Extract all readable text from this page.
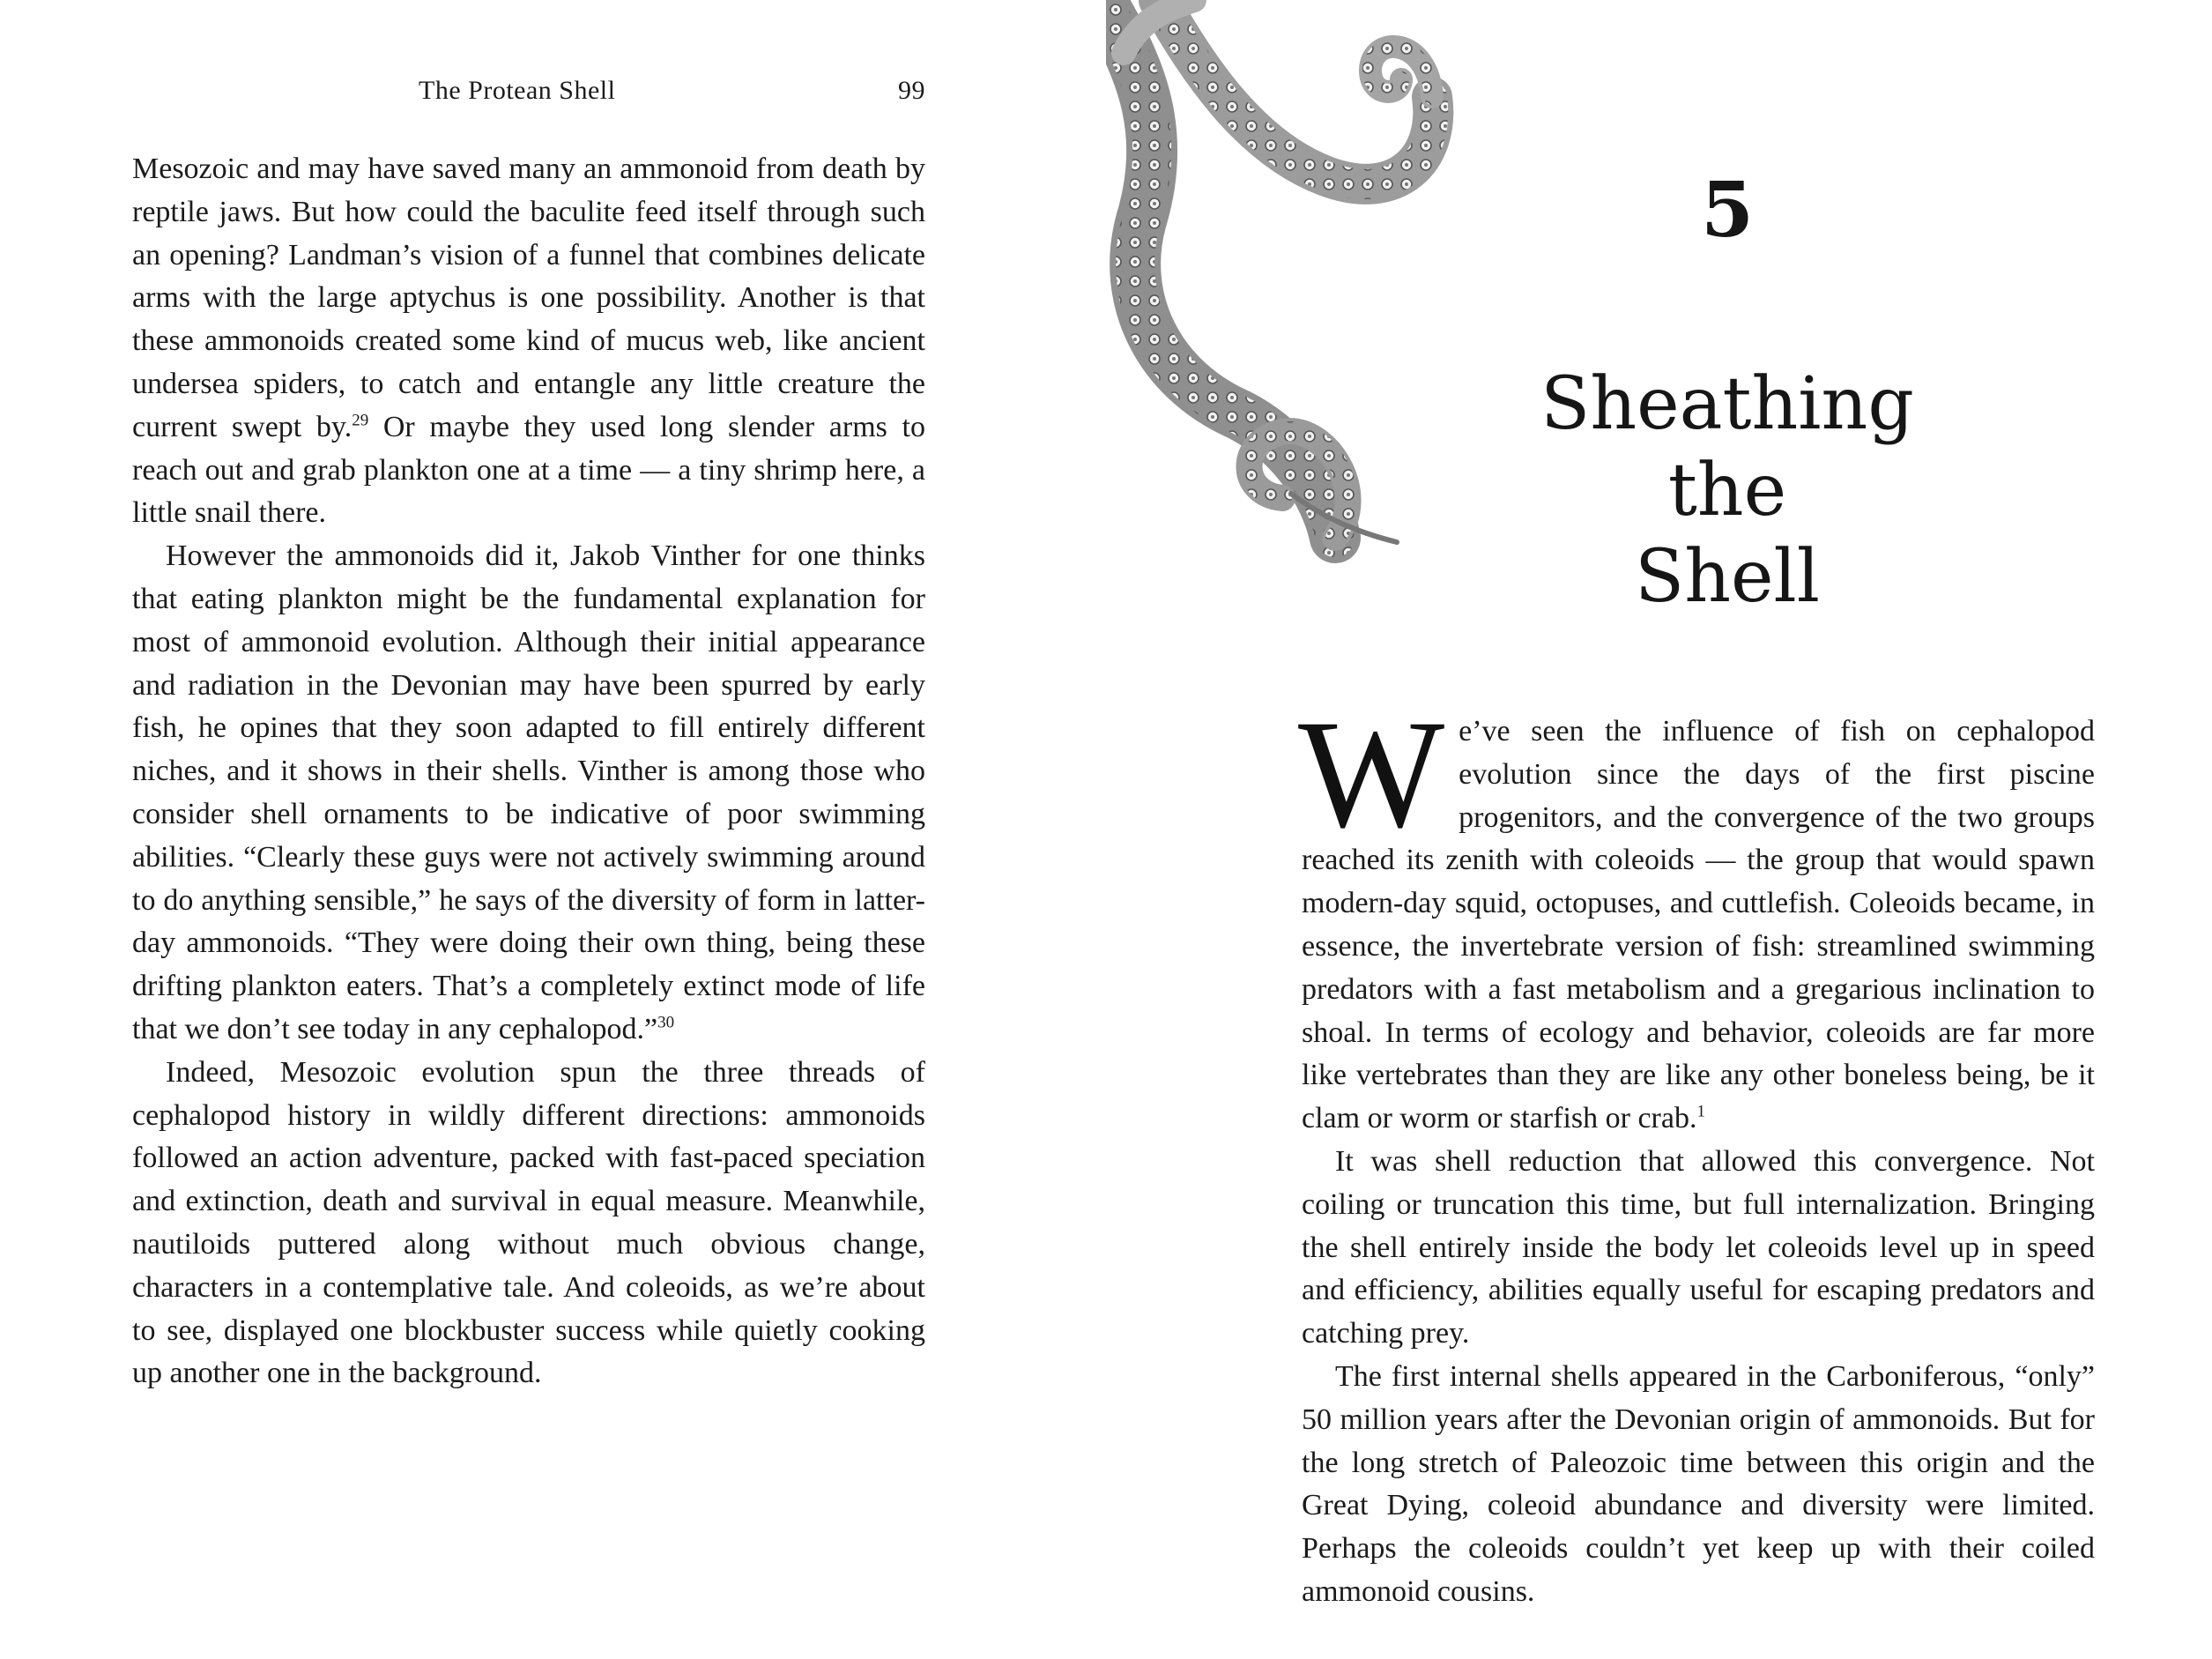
The Protean Shell	99

Mesozoic and may have saved many an ammonoid from death by reptile jaws. But how could the baculite feed itself through such an opening? Landman’s vision of a funnel that combines delicate arms with the large aptychus is one possibility. Another is that these ammonoids created some kind of mucus web, like ancient undersea spiders, to catch and entangle any little creature the current swept by.$^{29}$ Or maybe they used long slender arms to reach out and grab plankton one at a time — a tiny shrimp here, a little snail there.

However the ammonoids did it, Jakob Vinther for one thinks that eating plankton might be the fundamental explanation for most of ammonoid evolution. Although their initial appearance and radiation in the Devonian may have been spurred by early fish, he opines that they soon adapted to fill entirely different niches, and it shows in their shells. Vinther is among those who consider shell ornaments to be indicative of poor swimming abilities. “Clearly these guys were not actively swimming around to do anything sensible,” he says of the diversity of form in latter-day ammonoids. “They were doing their own thing, being these drifting plankton eaters. That’s a completely extinct mode of life that we don’t see today in any cephalopod.”$^{30}$

Indeed, Mesozoic evolution spun the three threads of cephalopod history in wildly different directions: ammonoids followed an action adventure, packed with fast-paced speciation and extinction, death and survival in equal measure. Meanwhile, nautiloids puttered along without much obvious change, characters in a contemplative tale. And coleoids, as we’re about to see, displayed one blockbuster success while quietly cooking up another one in the background.

5
Sheathing the
Shell

We’ve seen the influence of fish on cephalopod evolution since the days of the first piscine progenitors, and the convergence of the two groups reached its zenith with coleoids — the group that would spawn modern-day squid, octopuses, and cuttlefish. Coleoids became, in essence, the invertebrate version of fish: streamlined swimming predators with a fast metabolism and a gregarious inclination to shoal. In terms of ecology and behavior, coleoids are far more like vertebrates than they are like any other boneless being, be it clam or worm or starfish or crab.$^1$

It was shell reduction that allowed this convergence. Not coiling or truncation this time, but full internalization. Bringing the shell entirely inside the body let coleoids level up in speed and efficiency, abilities equally useful for escaping predators and catching prey.

The first internal shells appeared in the Carboniferous, “only” 50 million years after the Devonian origin of ammonoids. But for the long stretch of Paleozoic time between this origin and the Great Dying, coleoid abundance and diversity were limited. Perhaps the coleoids couldn’t yet keep up with their coiled ammonoid cousins.
